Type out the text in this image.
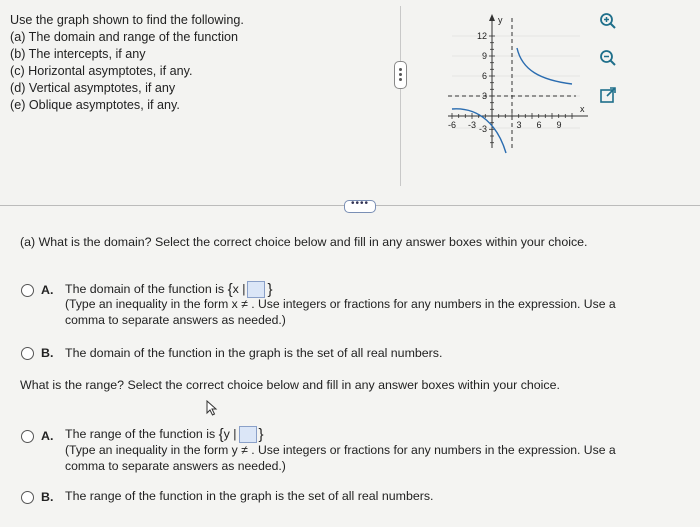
Use the graph shown to find the following.
(a) The domain and range of the function
(b) The intercepts, if any
(c) Horizontal asymptotes, if any.
(d) Vertical asymptotes, if any
(e) Oblique asymptotes, if any.
y
x
12
9
6
3
-3
-6 -3	3 6 9
••••
(a) What is the domain? Select the correct choice below and fill in any answer boxes within your choice.
A. The domain of the function is {x | }
(Type an inequality in the form x ≠ . Use integers or fractions for any numbers in the expression. Use a
comma to separate answers as needed.)
B. The domain of the function in the graph is the set of all real numbers.
What is the range? Select the correct choice below and fill in any answer boxes within your choice.
A. The range of the function is {y | }
(Type an inequality in the form y ≠ . Use integers or fractions for any numbers in the expression. Use a
comma to separate answers as needed.)
B. The range of the function in the graph is the set of all real numbers.
